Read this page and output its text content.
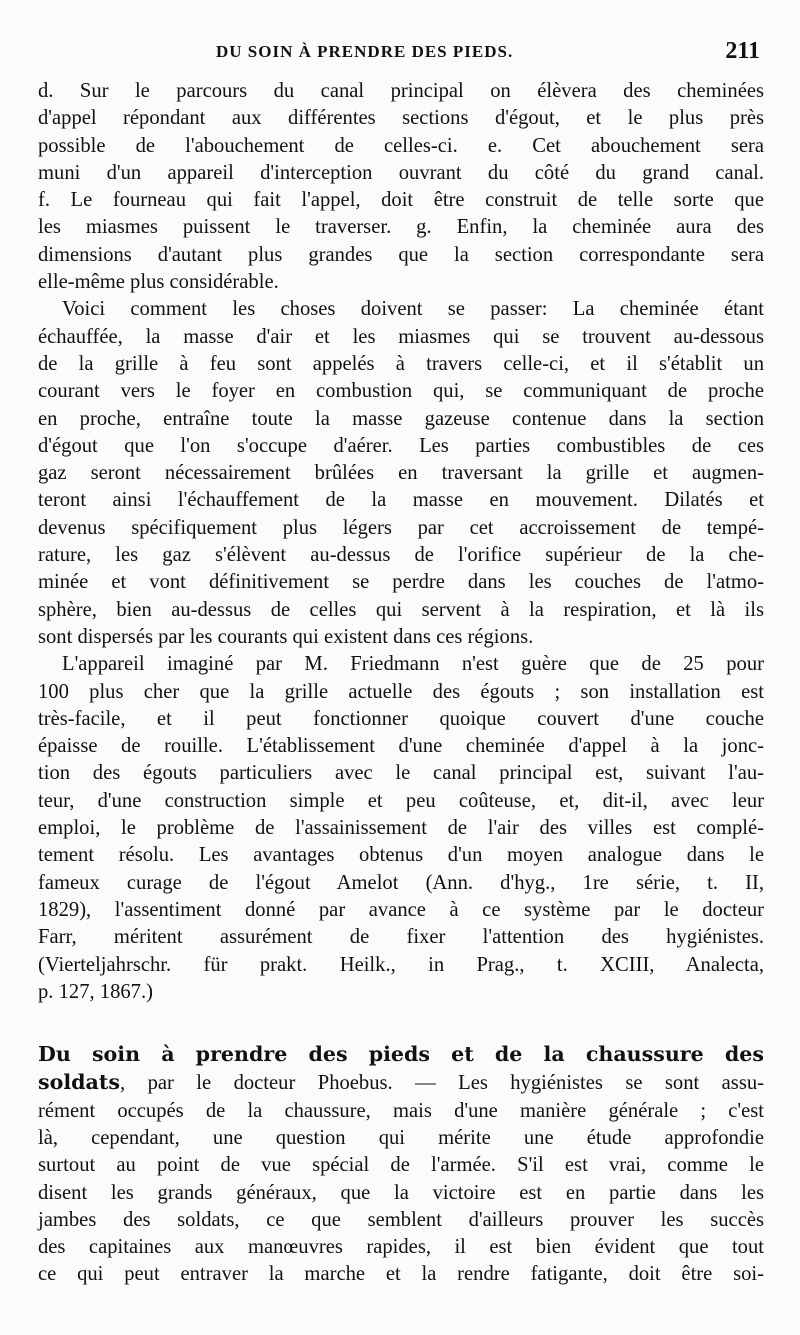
DU SOIN À PRENDRE DES PIEDS.	211

d. Sur le parcours du canal principal on élèvera des cheminées
d'appel répondant aux différentes sections d'égout, et le plus près
possible de l'abouchement de celles-ci. e. Cet abouchement sera
muni d'un appareil d'interception ouvrant du côté du grand canal.
f. Le fourneau qui fait l'appel, doit être construit de telle sorte que
les miasmes puissent le traverser. g. Enfin, la cheminée aura des
dimensions d'autant plus grandes que la section correspondante sera
elle-même plus considérable.

Voici comment les choses doivent se passer: La cheminée étant
échauffée, la masse d'air et les miasmes qui se trouvent au-dessous
de la grille à feu sont appelés à travers celle-ci, et il s'établit un
courant vers le foyer en combustion qui, se communiquant de proche
en proche, entraîne toute la masse gazeuse contenue dans la section
d'égout que l'on s'occupe d'aérer. Les parties combustibles de ces
gaz seront nécessairement brûlées en traversant la grille et augmen-
teront ainsi l'échauffement de la masse en mouvement. Dilatés et
devenus spécifiquement plus légers par cet accroissement de tempé-
rature, les gaz s'élèvent au-dessus de l'orifice supérieur de la che-
minée et vont définitivement se perdre dans les couches de l'atmo-
sphère, bien au-dessus de celles qui servent à la respiration, et là ils
sont dispersés par les courants qui existent dans ces régions.

L'appareil imaginé par M. Friedmann n'est guère que de 25 pour
100 plus cher que la grille actuelle des égouts ; son installation est
très-facile, et il peut fonctionner quoique couvert d'une couche
épaisse de rouille. L'établissement d'une cheminée d'appel à la jonc-
tion des égouts particuliers avec le canal principal est, suivant l'au-
teur, d'une construction simple et peu coûteuse, et, dit-il, avec leur
emploi, le problème de l'assainissement de l'air des villes est complé-
tement résolu. Les avantages obtenus d'un moyen analogue dans le
fameux curage de l'égout Amelot (Ann. d'hyg., 1re série, t. II,
1829), l'assentiment donné par avance à ce système par le docteur
Farr, méritent assurément de fixer l'attention des hygiénistes.
(Vierteljahrschr. für prakt. Heilk., in Prag., t. XCIII, Analecta,
p. 127, 1867.)

Du soin à prendre des pieds et de la chaussure des
soldats, par le docteur Phoebus. — Les hygiénistes se sont assu-
rément occupés de la chaussure, mais d'une manière générale ; c'est
là, cependant, une question qui mérite une étude approfondie
surtout au point de vue spécial de l'armée. S'il est vrai, comme le
disent les grands généraux, que la victoire est en partie dans les
jambes des soldats, ce que semblent d'ailleurs prouver les succès
des capitaines aux manœuvres rapides, il est bien évident que tout
ce qui peut entraver la marche et la rendre fatigante, doit être soi-
